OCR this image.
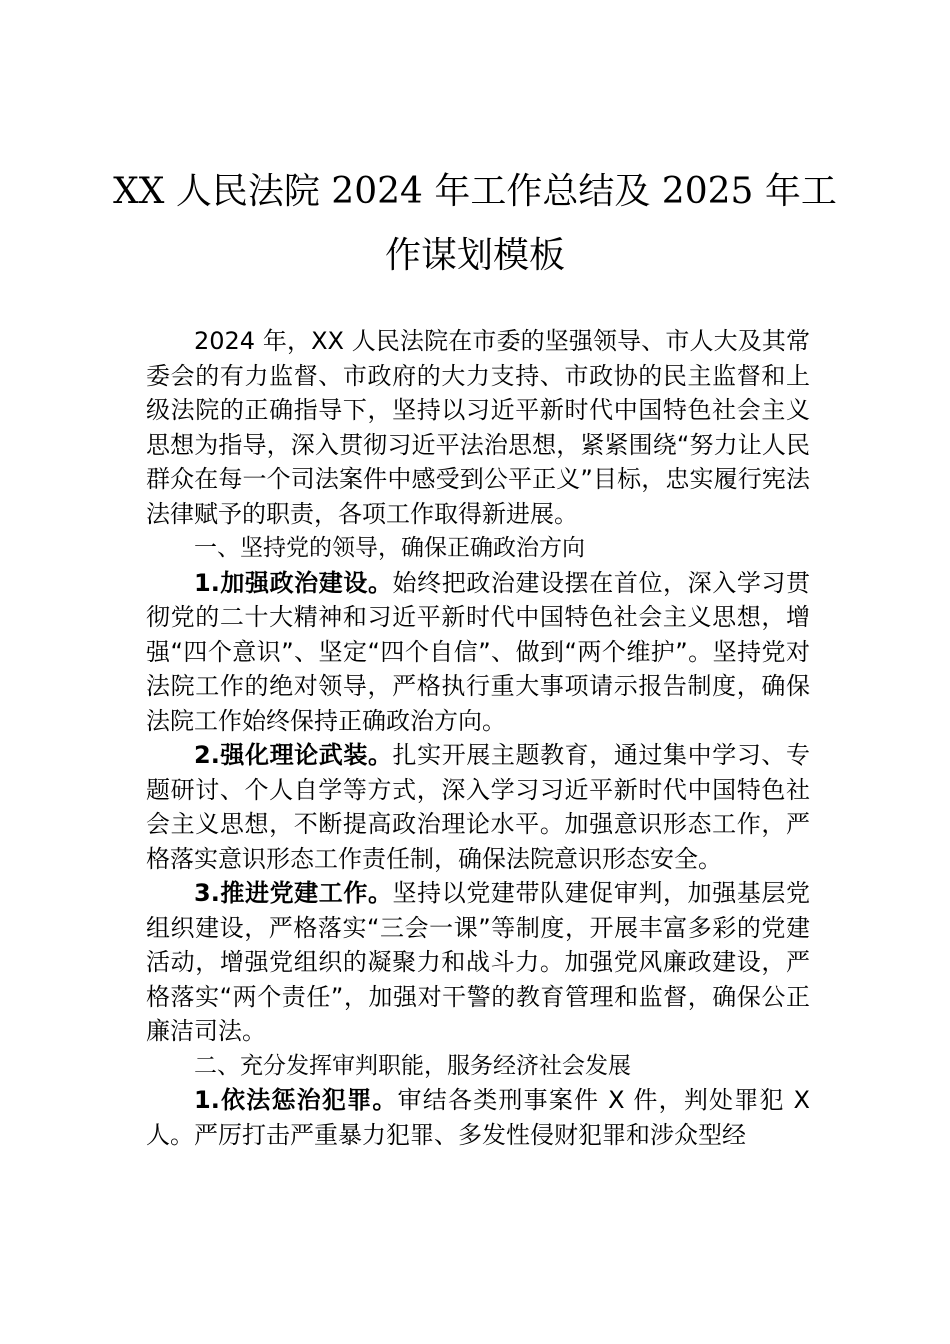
XX 人民法院 2024 年工作总结及 2025 年工
作谋划模板

2024 年，XX 人民法院在市委的坚强领导、市人大及其常委会的有力监督、市政府的大力支持、市政协的民主监督和上级法院的正确指导下，坚持以习近平新时代中国特色社会主义思想为指导，深入贯彻习近平法治思想，紧紧围绕“努力让人民群众在每一个司法案件中感受到公平正义”目标，忠实履行宪法法律赋予的职责，各项工作取得新进展。

一、坚持党的领导，确保正确政治方向

1.加强政治建设。始终把政治建设摆在首位，深入学习贯彻党的二十大精神和习近平新时代中国特色社会主义思想，增强“四个意识”、坚定“四个自信”、做到“两个维护”。坚持党对法院工作的绝对领导，严格执行重大事项请示报告制度，确保法院工作始终保持正确政治方向。

2.强化理论武装。扎实开展主题教育，通过集中学习、专题研讨、个人自学等方式，深入学习习近平新时代中国特色社会主义思想，不断提高政治理论水平。加强意识形态工作，严格落实意识形态工作责任制，确保法院意识形态安全。

3.推进党建工作。坚持以党建带队建促审判，加强基层党组织建设，严格落实“三会一课”等制度，开展丰富多彩的党建活动，增强党组织的凝聚力和战斗力。加强党风廉政建设，严格落实“两个责任”，加强对干警的教育管理和监督，确保公正廉洁司法。

二、充分发挥审判职能，服务经济社会发展

1.依法惩治犯罪。审结各类刑事案件 X 件，判处罪犯 X 人。严厉打击严重暴力犯罪、多发性侵财犯罪和涉众型经
